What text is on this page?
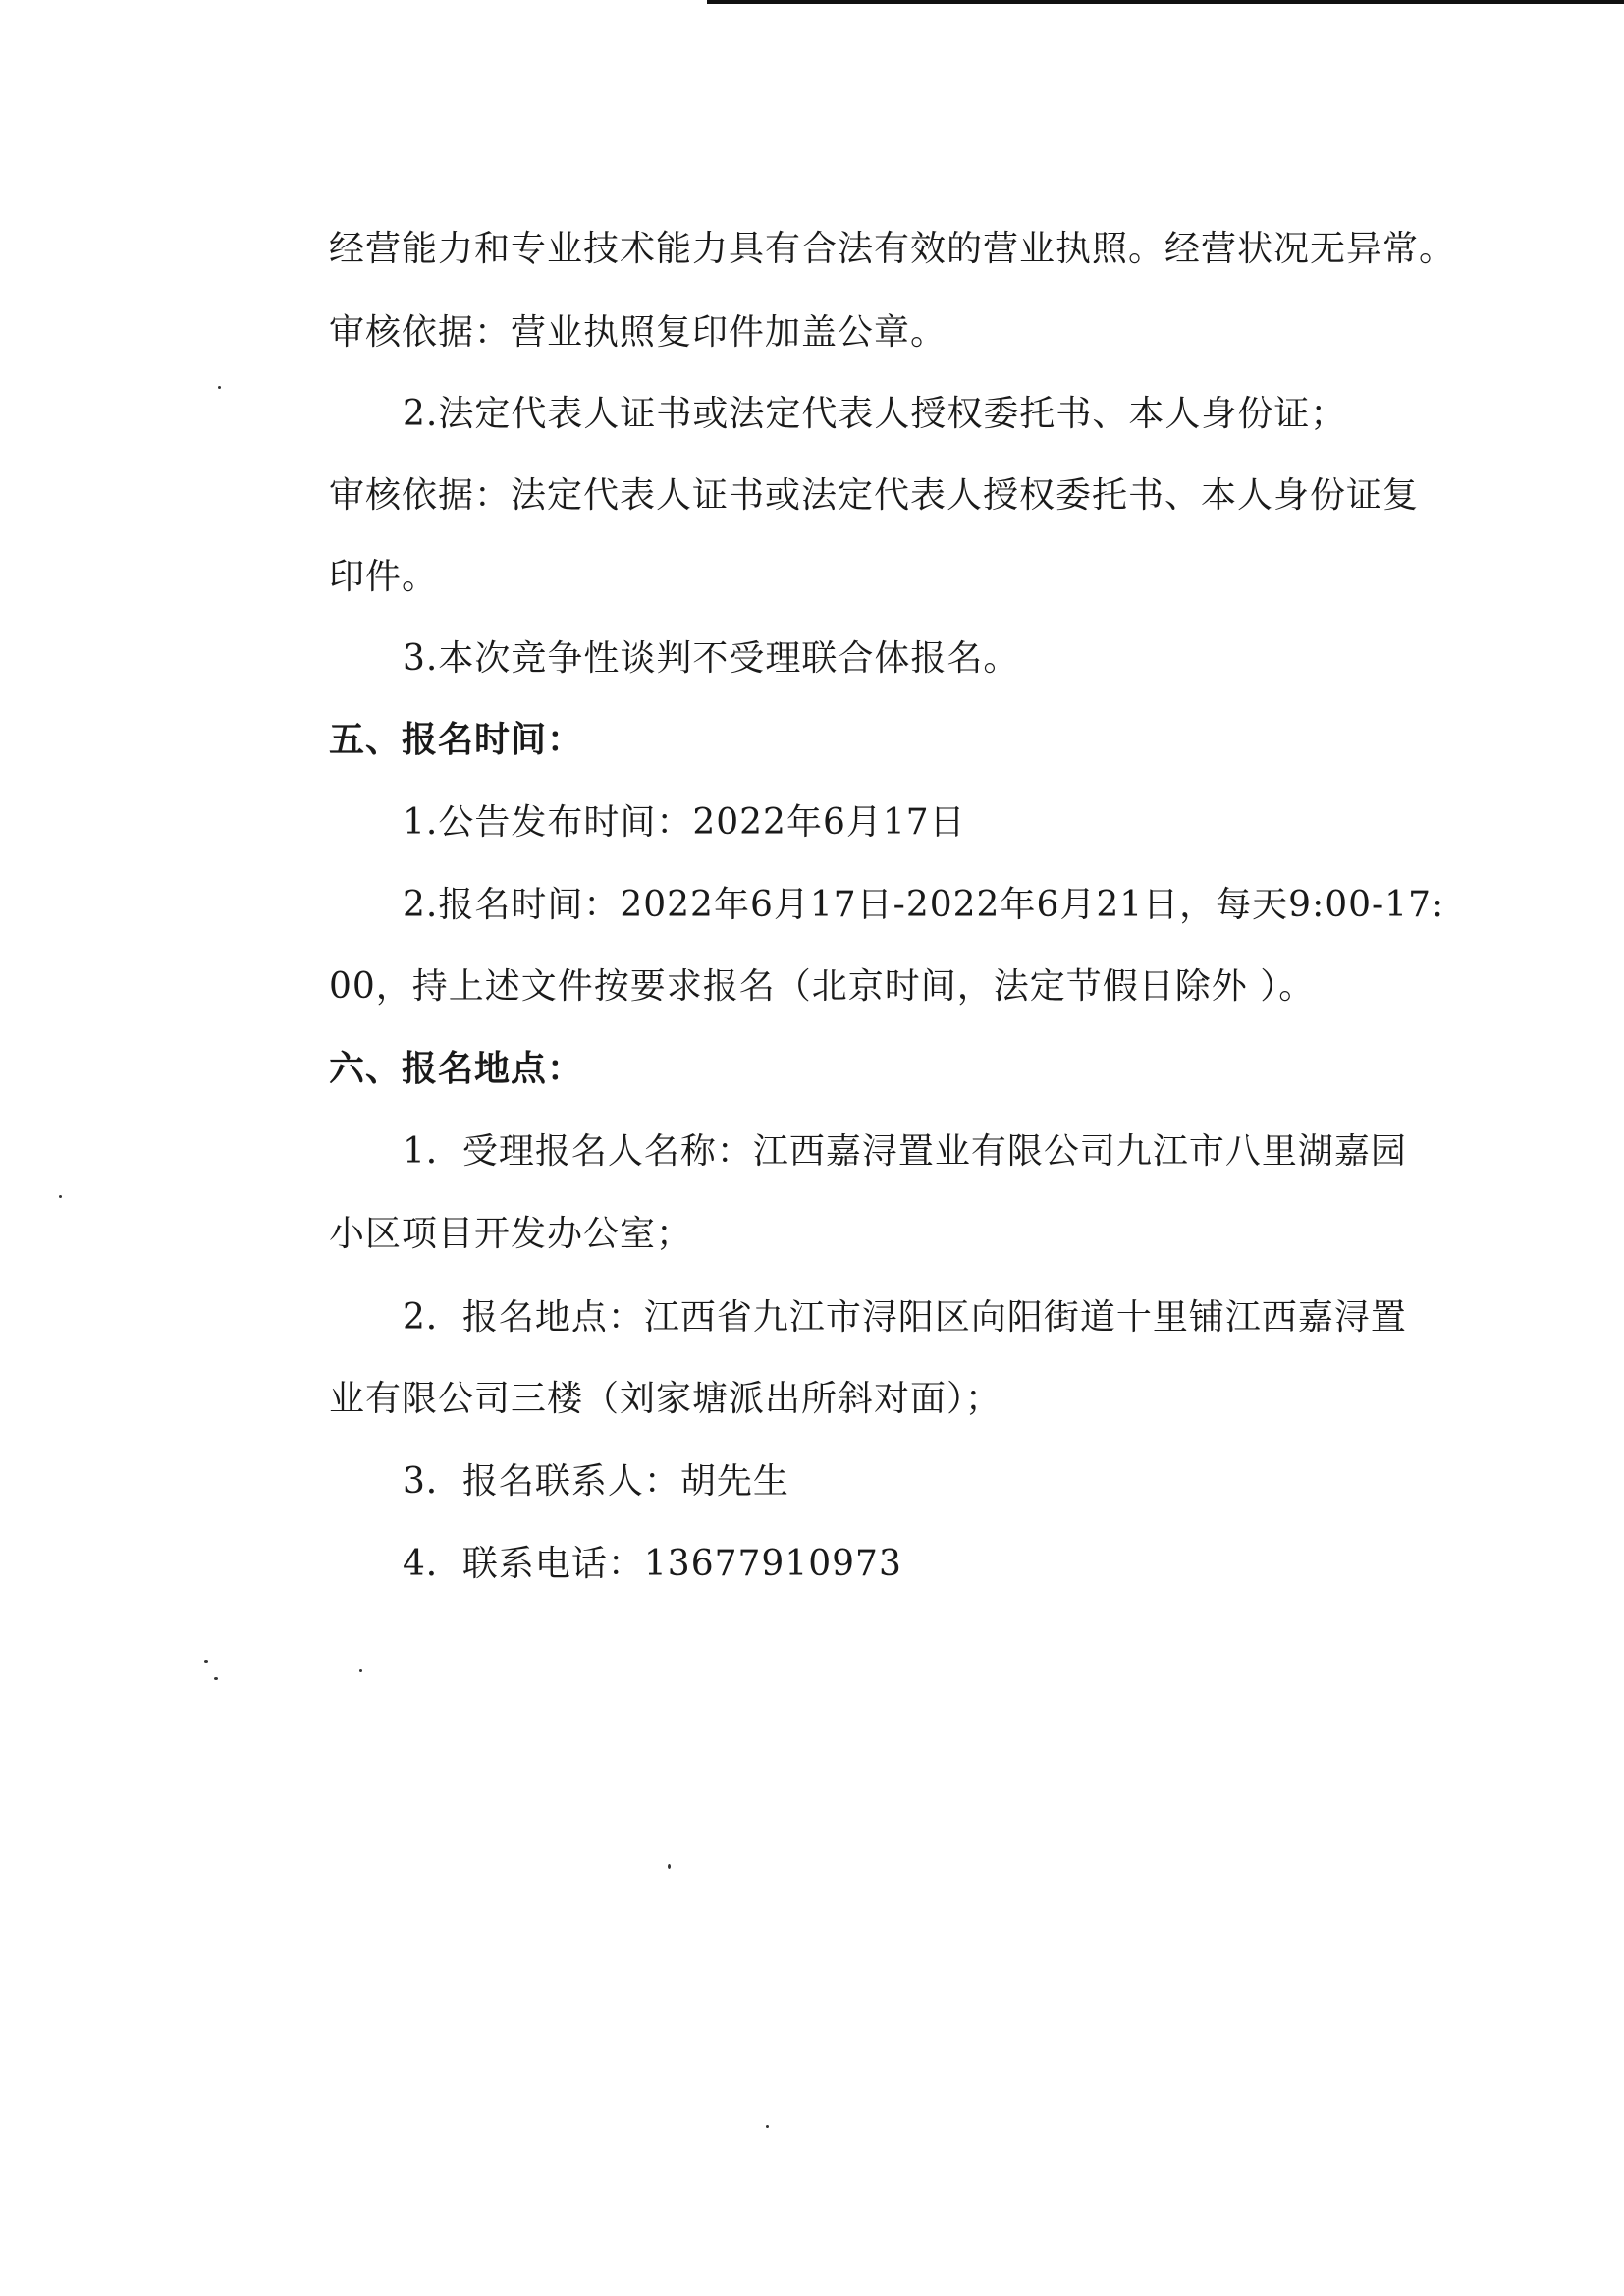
经营能力和专业技术能力具有合法有效的营业执照。经营状况无异常。
审核依据：营业执照复印件加盖公章。
2.法定代表人证书或法定代表人授权委托书、本人身份证；
审核依据：法定代表人证书或法定代表人授权委托书、本人身份证复
印件。
3.本次竞争性谈判不受理联合体报名。
五、报名时间：
1.公告发布时间：2022年6月17日
2.报名时间：2022年6月17日-2022年6月21日，每天9:00-17:
00，持上述文件按要求报名（北京时间，法定节假日除外 ）。
六、报名地点：
1．受理报名人名称：江西嘉浔置业有限公司九江市八里湖嘉园
小区项目开发办公室；
2．报名地点：江西省九江市浔阳区向阳街道十里铺江西嘉浔置
业有限公司三楼（刘家塘派出所斜对面）；
3．报名联系人：胡先生
4．联系电话：13677910973
